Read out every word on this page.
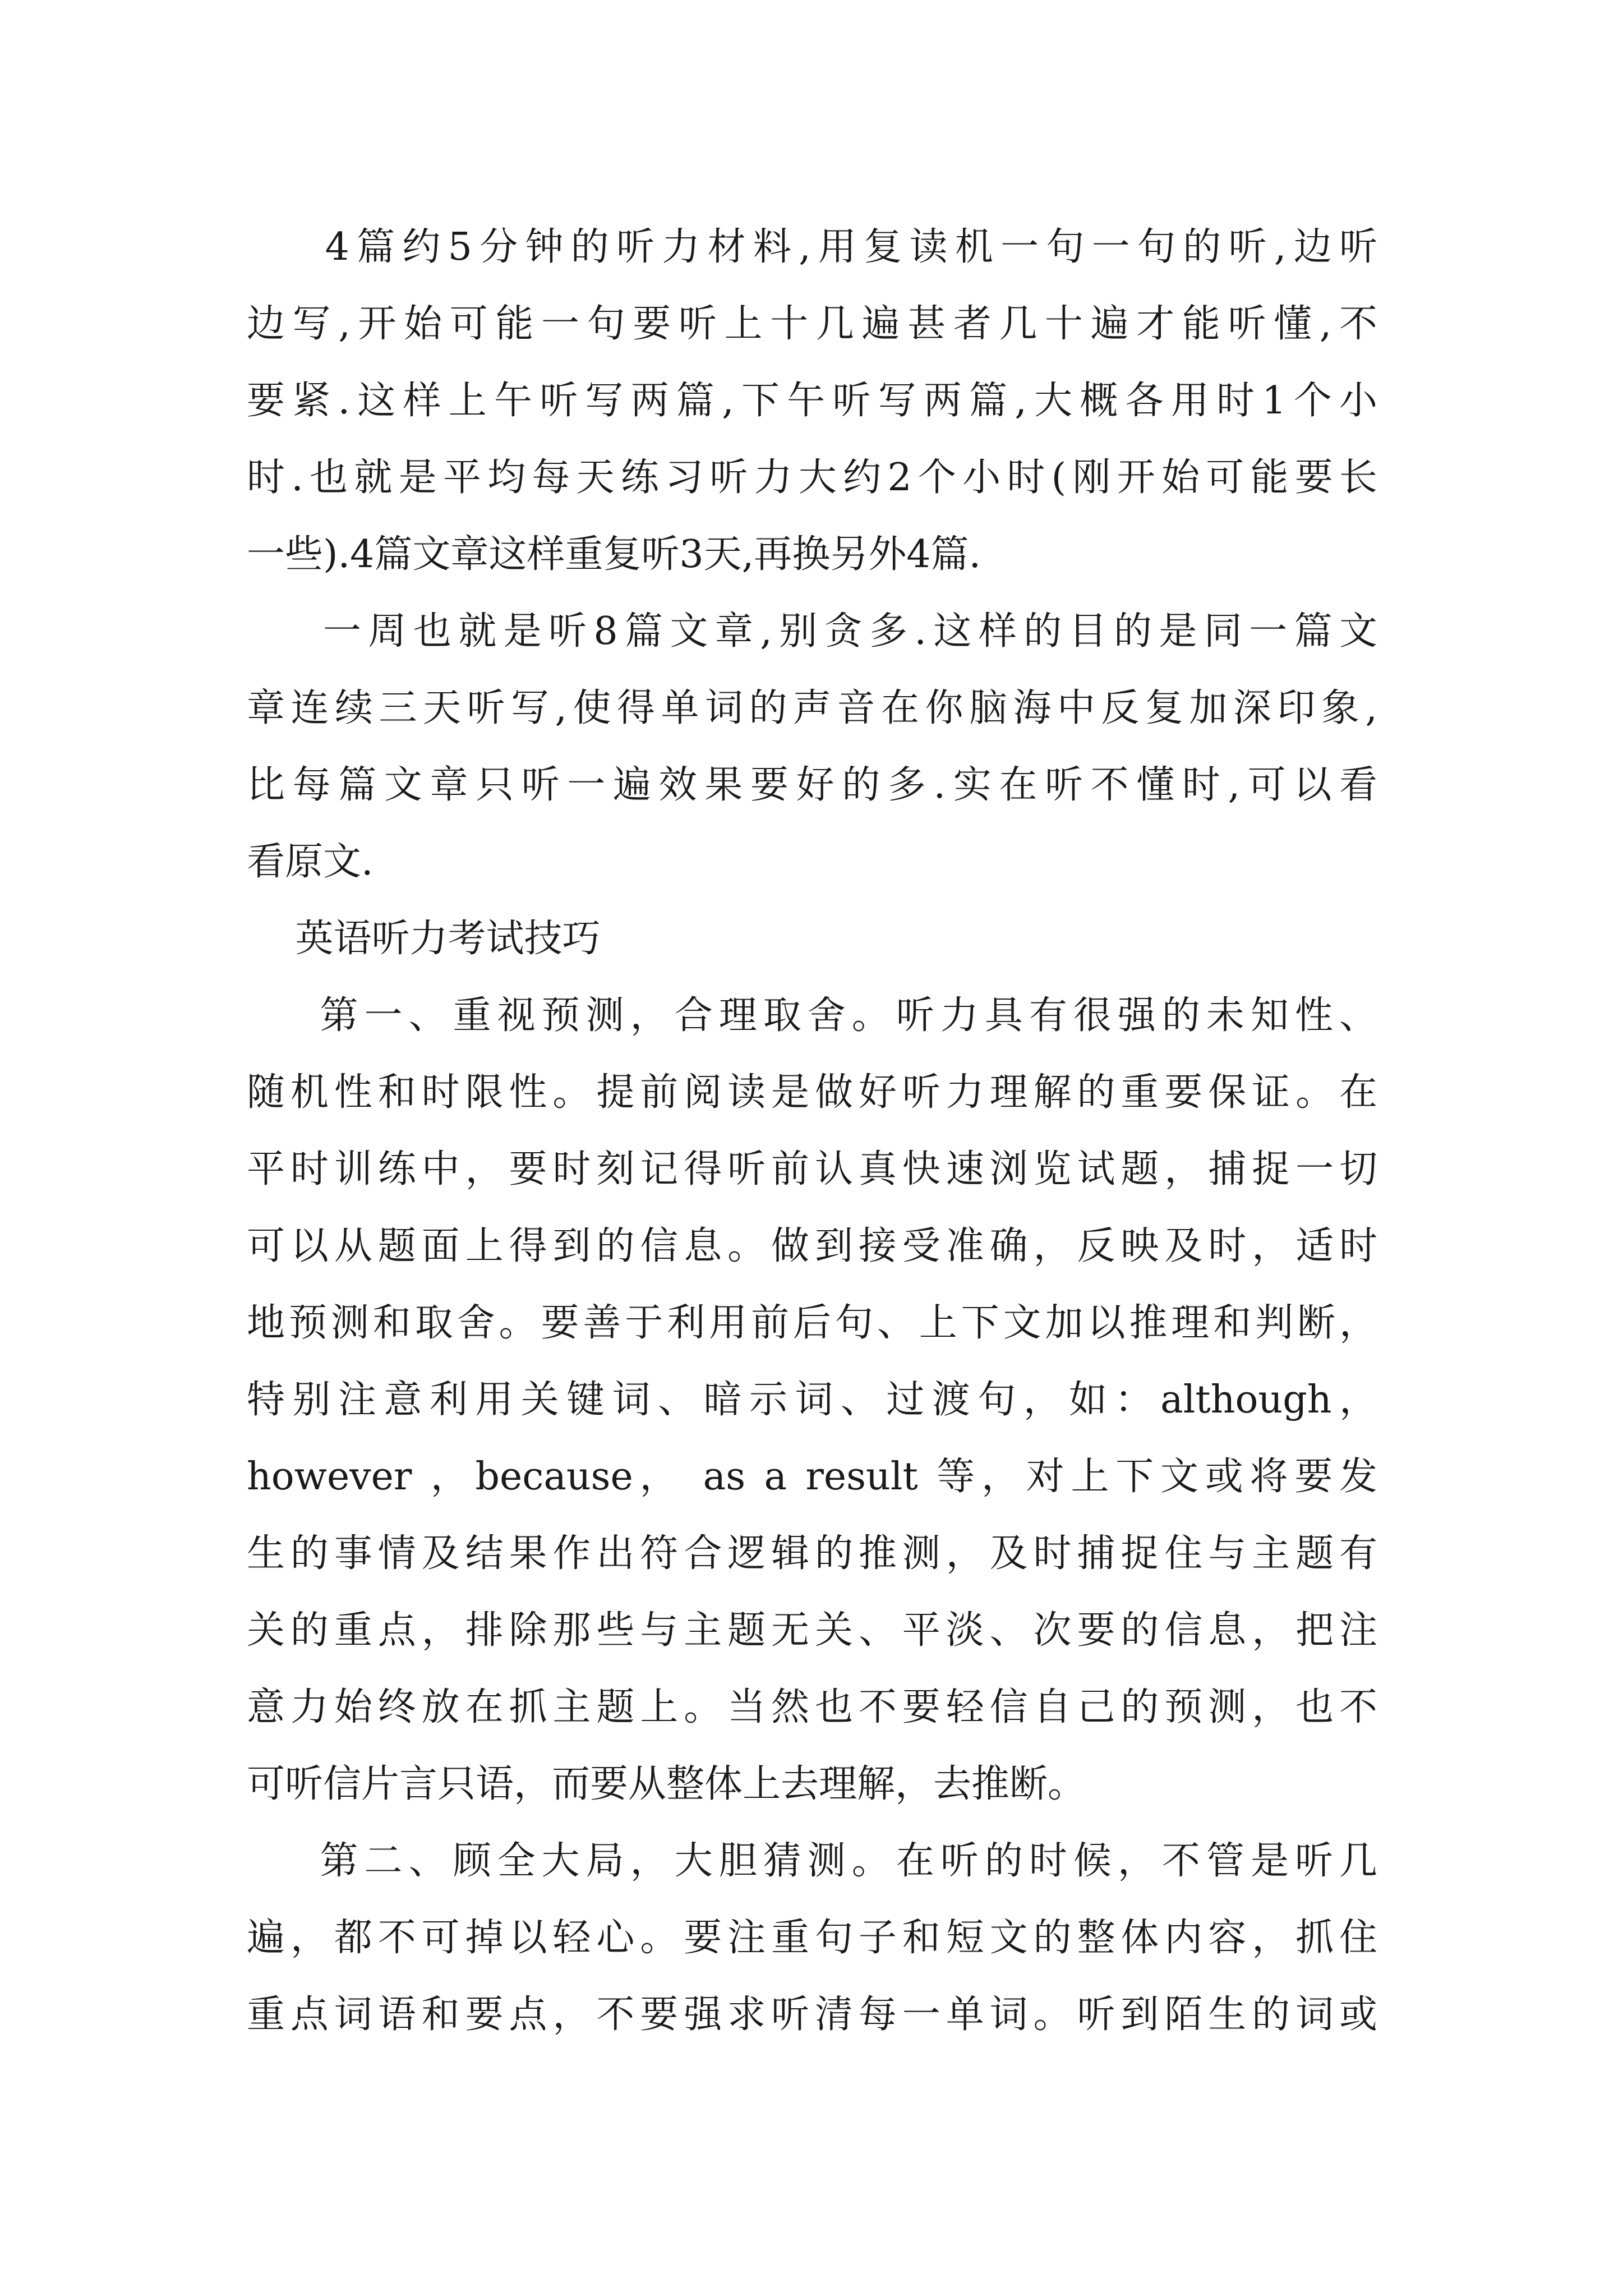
4篇约5分钟的听力材料,用复读机一句一句的听,边听
边写,开始可能一句要听上十几遍甚者几十遍才能听懂,不
要紧.这样上午听写两篇,下午听写两篇,大概各用时1个小
时.也就是平均每天练习听力大约2个小时(刚开始可能要长
一些).4篇文章这样重复听3天,再换另外4篇.
一周也就是听8篇文章,别贪多.这样的目的是同一篇文
章连续三天听写,使得单词的声音在你脑海中反复加深印象,
比每篇文章只听一遍效果要好的多.实在听不懂时,可以看
看原文.
英语听力考试技巧
第一、重视预测，合理取舍。听力具有很强的未知性、
随机性和时限性。提前阅读是做好听力理解的重要保证。在
平时训练中，要时刻记得听前认真快速浏览试题，捕捉一切
可以从题面上得到的信息。做到接受准确，反映及时，适时
地预测和取舍。要善于利用前后句、上下文加以推理和判断，
特别注意利用关键词、暗示词、过渡句，如：although，
however ，because， as a result 等，对上下文或将要发
生的事情及结果作出符合逻辑的推测，及时捕捉住与主题有
关的重点，排除那些与主题无关、平淡、次要的信息，把注
意力始终放在抓主题上。当然也不要轻信自己的预测，也不
可听信片言只语，而要从整体上去理解，去推断。
第二、顾全大局，大胆猜测。在听的时候，不管是听几
遍，都不可掉以轻心。要注重句子和短文的整体内容，抓住
重点词语和要点，不要强求听清每一单词。听到陌生的词或
